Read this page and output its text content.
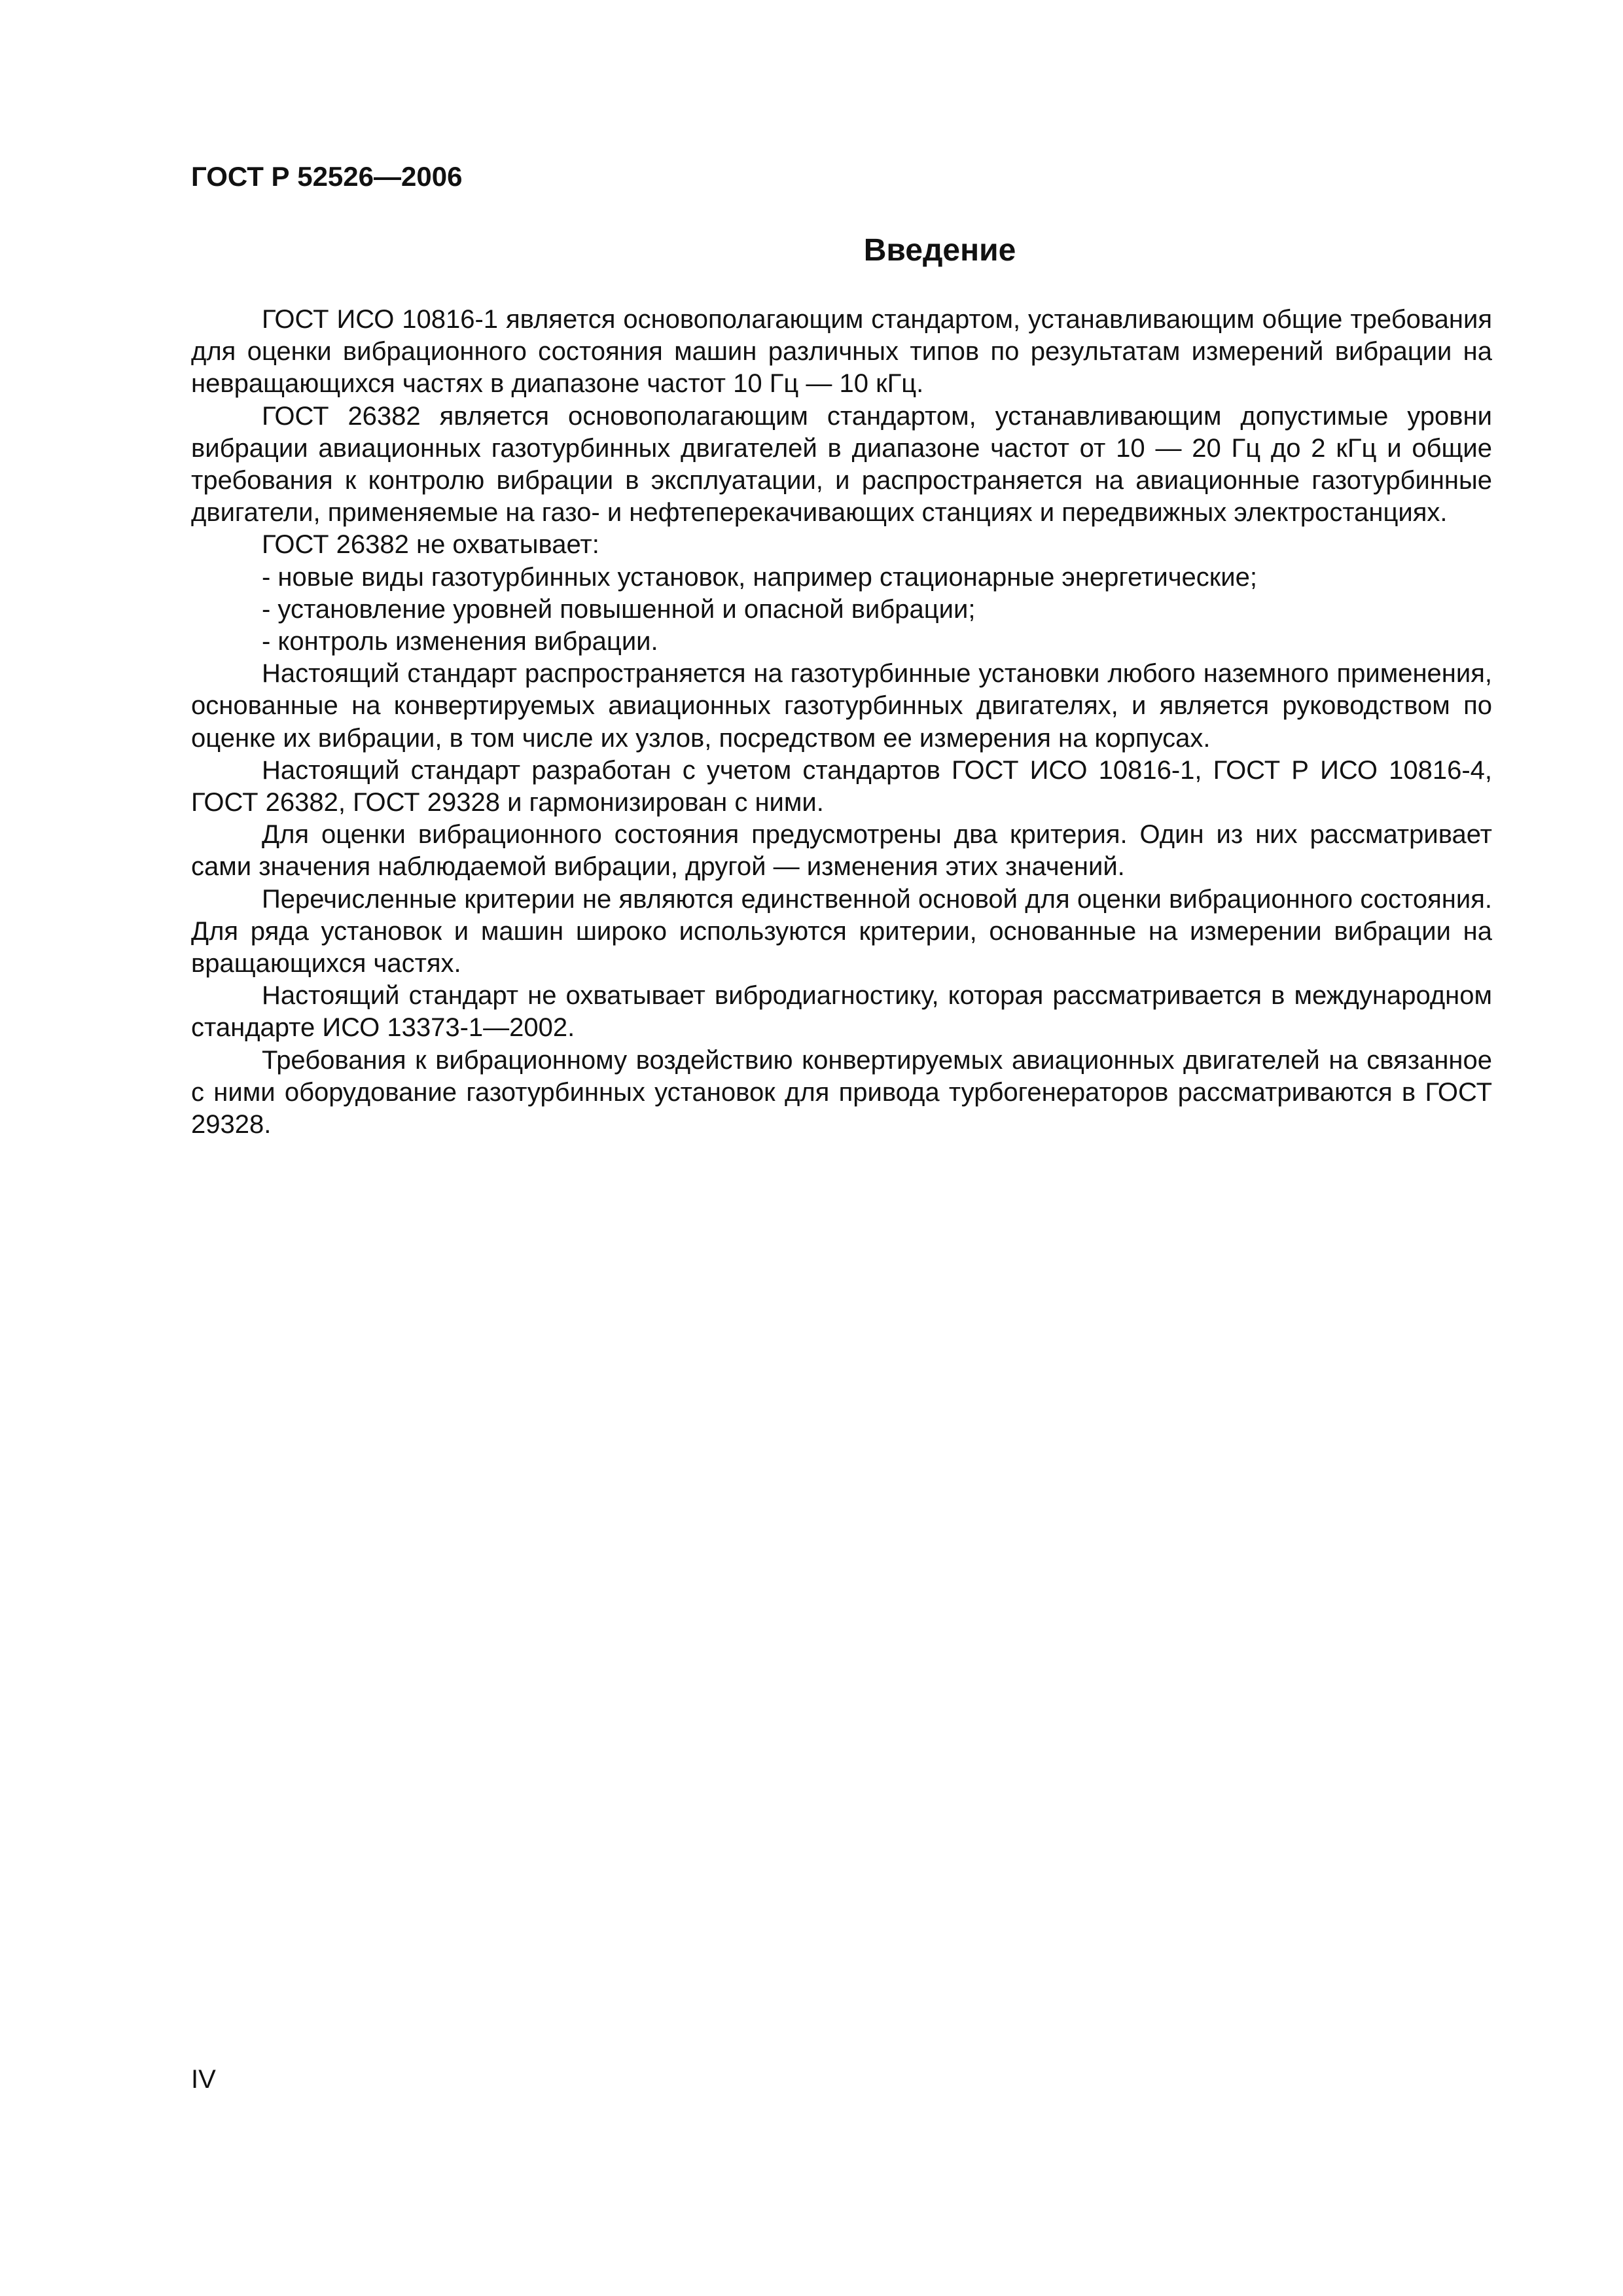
ГОСТ Р 52526—2006
Введение

ГОСТ ИСО 10816-1 является основополагающим стандартом, устанавливающим общие требования для оценки вибрационного состояния машин различных типов по результатам измерений вибрации на невращающихся частях в диапазоне частот 10 Гц — 10 кГц.

ГОСТ 26382 является основополагающим стандартом, устанавливающим допустимые уровни вибрации авиационных газотурбинных двигателей в диапазоне частот от 10 — 20 Гц до 2 кГц и общие требования к контролю вибрации в эксплуатации, и распространяется на авиационные газотурбинные двигатели, применяемые на газо- и нефтеперекачивающих станциях и передвижных электростанциях.

ГОСТ 26382 не охватывает:

- новые виды газотурбинных установок, например стационарные энергетические;

- установление уровней повышенной и опасной вибрации;

- контроль изменения вибрации.

Настоящий стандарт распространяется на газотурбинные установки любого наземного применения, основанные на конвертируемых авиационных газотурбинных двигателях, и является руководством по оценке их вибрации, в том числе их узлов, посредством ее измерения на корпусах.

Настоящий стандарт разработан с учетом стандартов ГОСТ ИСО 10816-1, ГОСТ Р ИСО 10816-4, ГОСТ 26382, ГОСТ 29328 и гармонизирован с ними.

Для оценки вибрационного состояния предусмотрены два критерия. Один из них рассматривает сами значения наблюдаемой вибрации, другой — изменения этих значений.

Перечисленные критерии не являются единственной основой для оценки вибрационного состояния. Для ряда установок и машин широко используются критерии, основанные на измерении вибрации на вращающихся частях.

Настоящий стандарт не охватывает вибродиагностику, которая рассматривается в международном стандарте ИСО 13373-1—2002.

Требования к вибрационному воздействию конвертируемых авиационных двигателей на связанное с ними оборудование газотурбинных установок для привода турбогенераторов рассматриваются в ГОСТ 29328.

IV
